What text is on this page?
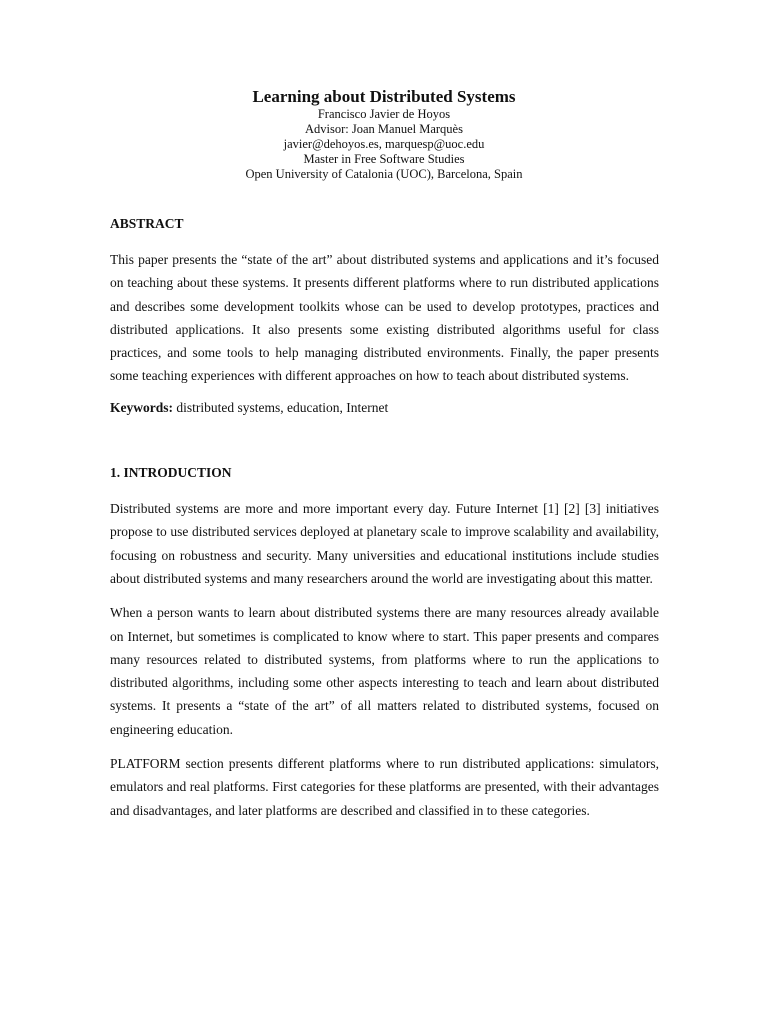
Learning about Distributed Systems
Francisco Javier de Hoyos
Advisor: Joan Manuel Marquès
javier@dehoyos.es, marquesp@uoc.edu
Master in Free Software Studies
Open University of Catalonia (UOC), Barcelona, Spain
ABSTRACT

This paper presents the “state of the art” about distributed systems and applications and it’s focused on teaching about these systems. It presents different platforms where to run distributed applications and describes some development toolkits whose can be used to develop prototypes, practices and distributed applications. It also presents some existing distributed algorithms useful for class practices, and some tools to help managing distributed environments. Finally, the paper presents some teaching experiences with different approaches on how to teach about distributed systems.

Keywords: distributed systems, education, Internet

1. INTRODUCTION

Distributed systems are more and more important every day. Future Internet [1] [2] [3] initiatives propose to use distributed services deployed at planetary scale to improve scalability and availability, focusing on robustness and security. Many universities and educational institutions include studies about distributed systems and many researchers around the world are investigating about this matter.

When a person wants to learn about distributed systems there are many resources already available on Internet, but sometimes is complicated to know where to start. This paper presents and compares many resources related to distributed systems, from platforms where to run the applications to distributed algorithms, including some other aspects interesting to teach and learn about distributed systems. It presents a “state of the art” of all matters related to distributed systems, focused on engineering education.

PLATFORM section presents different platforms where to run distributed applications: simulators, emulators and real platforms. First categories for these platforms are presented, with their advantages and disadvantages, and later platforms are described and classified in to these categories.
